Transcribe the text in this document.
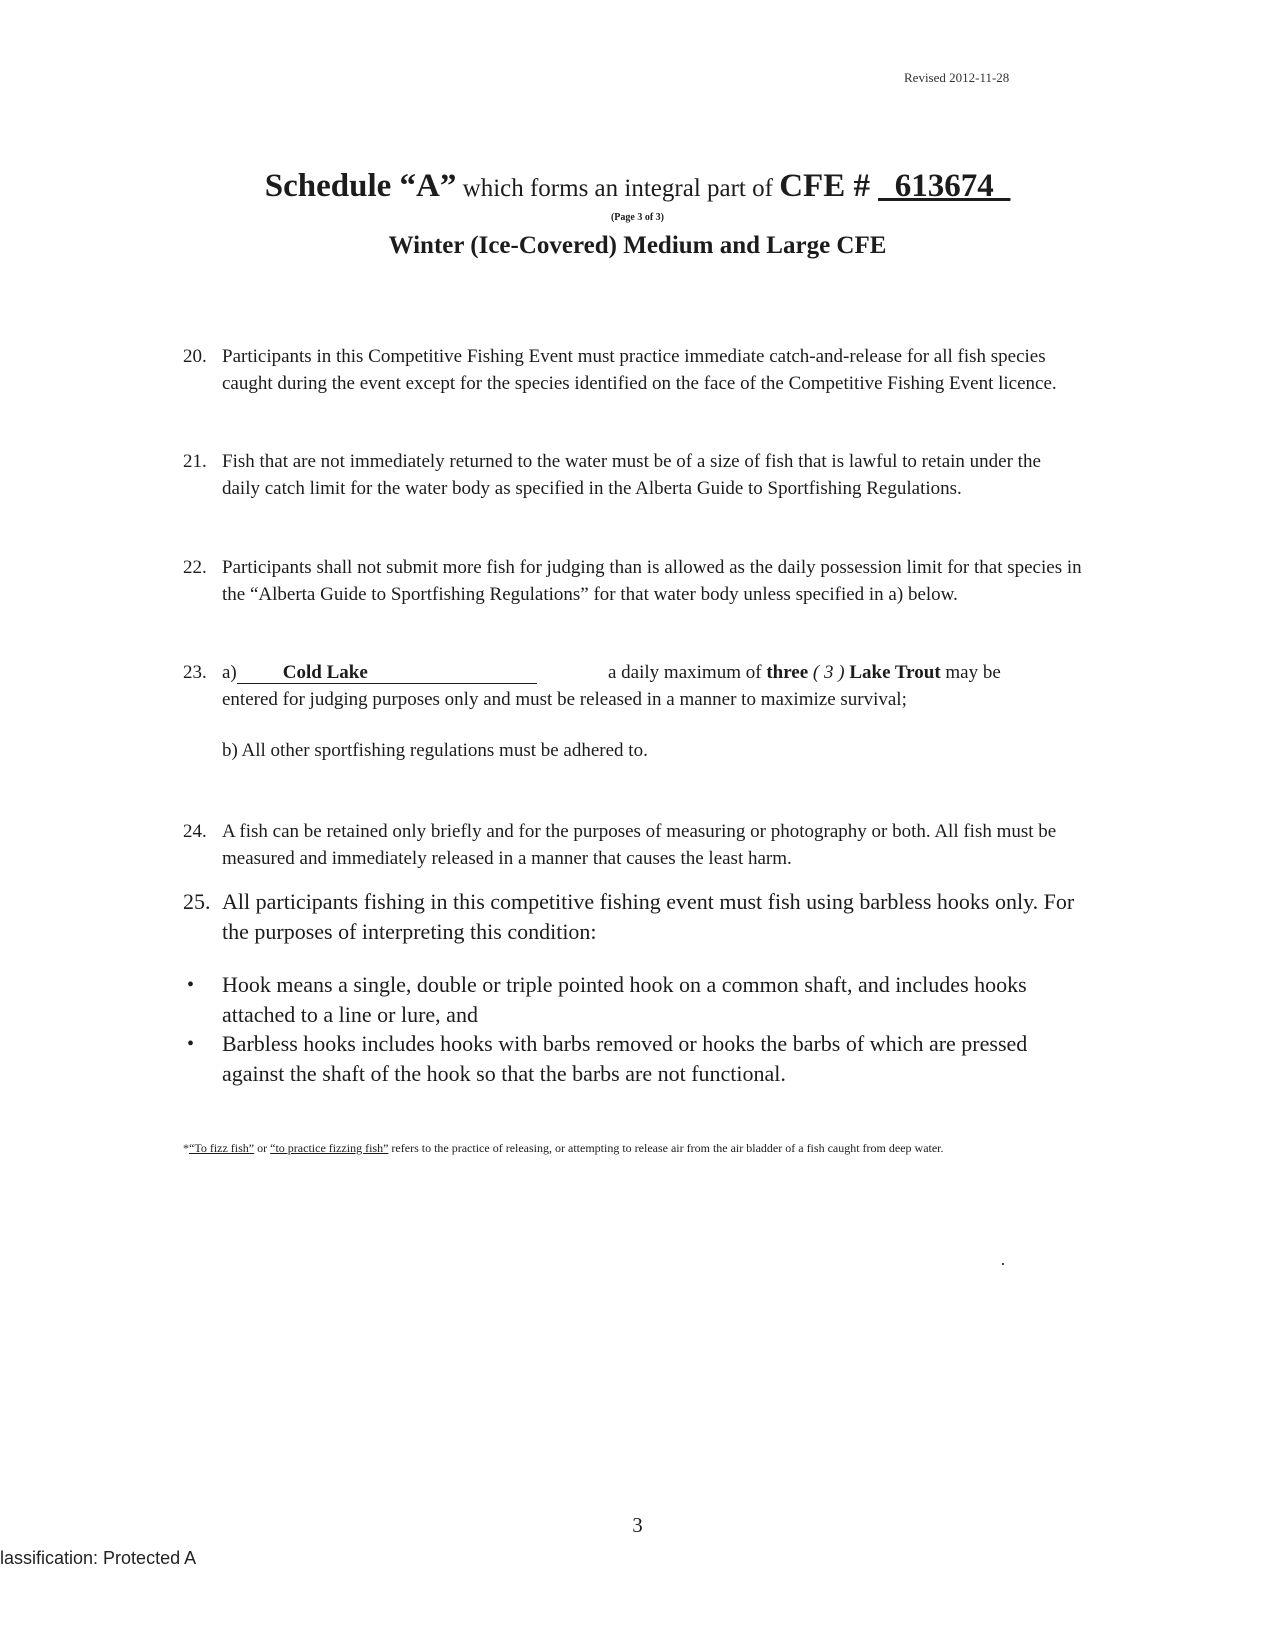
Revised 2012-11-28
Schedule “A” which forms an integral part of CFE # _613674_
(Page 3 of 3)
Winter (Ice-Covered) Medium and Large CFE
20. Participants in this Competitive Fishing Event must practice immediate catch-and-release for all fish species caught during the event except for the species identified on the face of the Competitive Fishing Event licence.
21. Fish that are not immediately returned to the water must be of a size of fish that is lawful to retain under the daily catch limit for the water body as specified in the Alberta Guide to Sportfishing Regulations.
22. Participants shall not submit more fish for judging than is allowed as the daily possession limit for that species in the “Alberta Guide to Sportfishing Regulations” for that water body unless specified in a) below.
23. a) Cold Lake	a daily maximum of three ( 3 ) Lake Trout may be
entered for judging purposes only and must be released in a manner to maximize survival;
b) All other sportfishing regulations must be adhered to.
24. A fish can be retained only briefly and for the purposes of measuring or photography or both. All fish must be measured and immediately released in a manner that causes the least harm.
25. All participants fishing in this competitive fishing event must fish using barbless hooks only. For the purposes of interpreting this condition:
• Hook means a single, double or triple pointed hook on a common shaft, and includes hooks attached to a line or lure, and
• Barbless hooks includes hooks with barbs removed or hooks the barbs of which are pressed against the shaft of the hook so that the barbs are not functional.
*“To fizz fish” or “to practice fizzing fish” refers to the practice of releasing, or attempting to release air from the air bladder of a fish caught from deep water.
3
lassification: Protected A
